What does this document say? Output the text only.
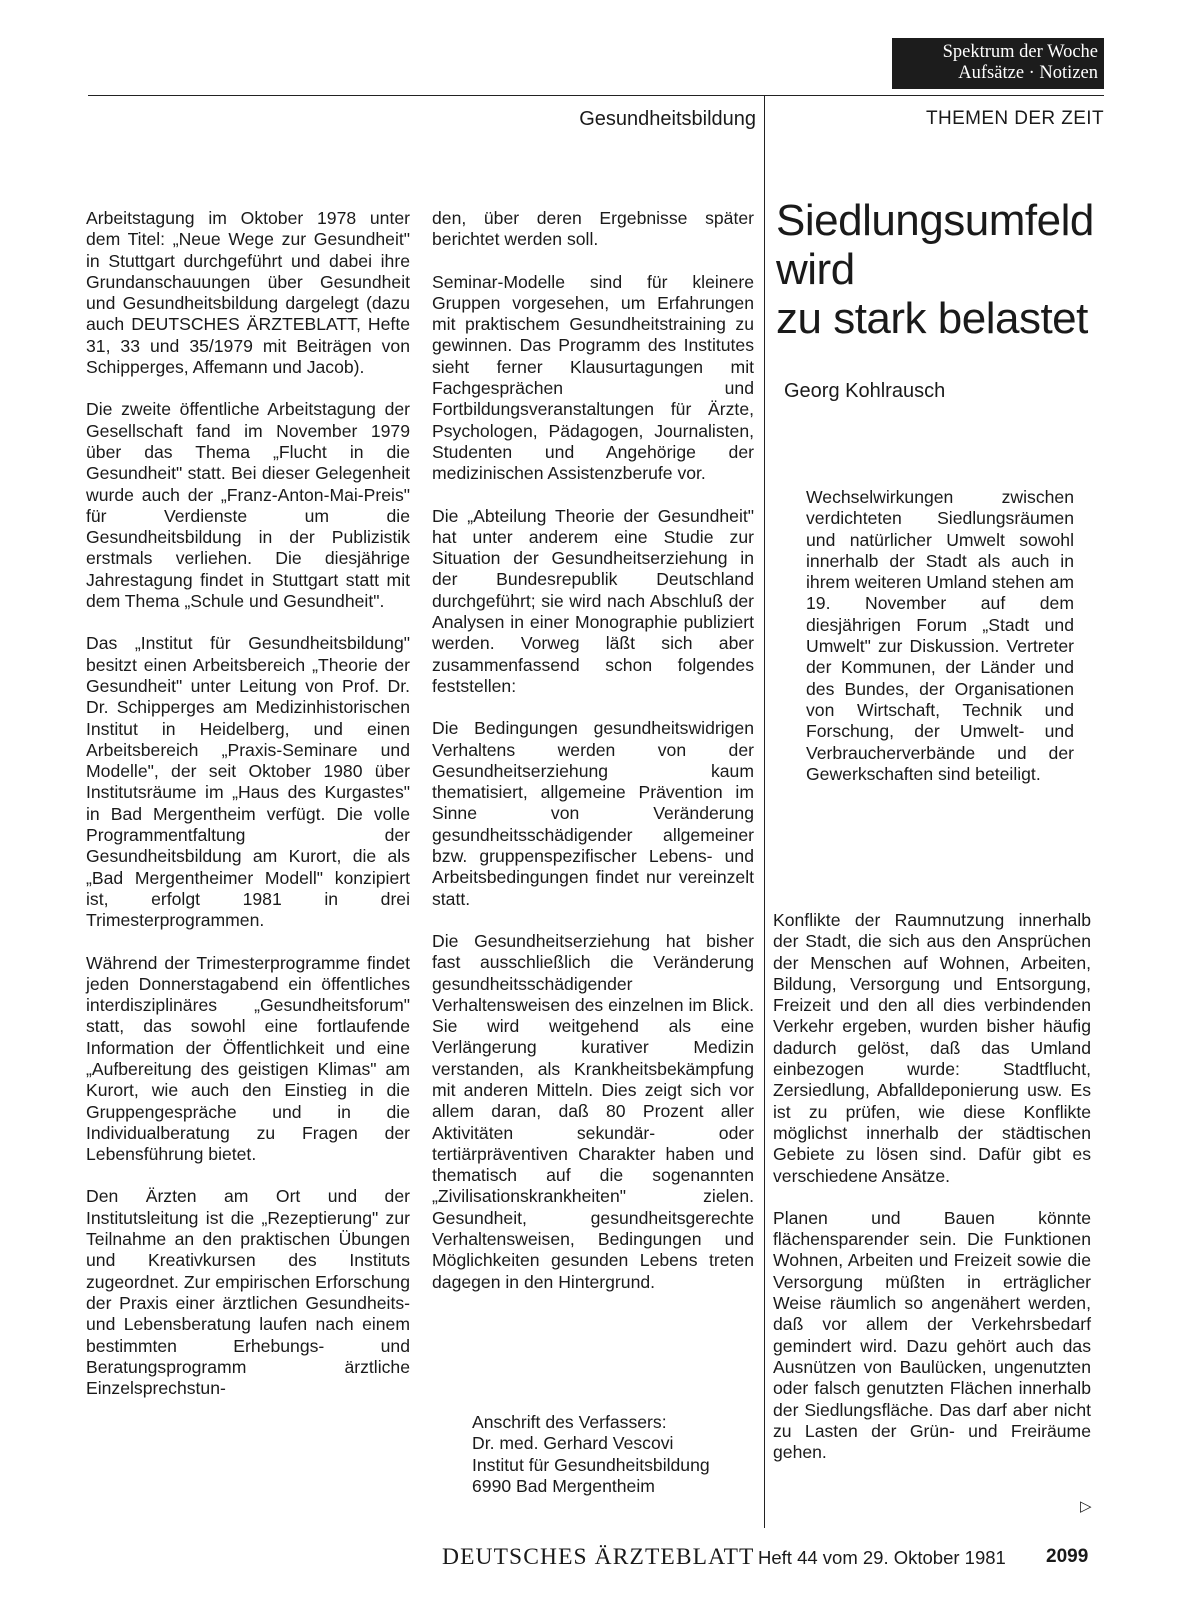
Spektrum der Woche
Aufsätze · Notizen
Gesundheitsbildung	THEMEN DER ZEIT

Arbeitstagung im Oktober 1978 unter dem Titel: „Neue Wege zur Gesundheit" in Stuttgart durchgeführt und dabei ihre Grundanschauungen über Gesundheit und Gesundheitsbildung dargelegt (dazu auch DEUTSCHES ÄRZTEBLATT, Hefte 31, 33 und 35/1979 mit Beiträgen von Schipperges, Affemann und Jacob).

Die zweite öffentliche Arbeitstagung der Gesellschaft fand im November 1979 über das Thema „Flucht in die Gesundheit" statt. Bei dieser Gelegenheit wurde auch der „Franz-Anton-Mai-Preis" für Verdienste um die Gesundheitsbildung in der Publizistik erstmals verliehen. Die diesjährige Jahrestagung findet in Stuttgart statt mit dem Thema „Schule und Gesundheit".

Das „Institut für Gesundheitsbildung" besitzt einen Arbeitsbereich „Theorie der Gesundheit" unter Leitung von Prof. Dr. Dr. Schipperges am Medizinhistorischen Institut in Heidelberg, und einen Arbeitsbereich „Praxis-Seminare und Modelle", der seit Oktober 1980 über Institutsräume im „Haus des Kurgastes" in Bad Mergentheim verfügt. Die volle Programmentfaltung der Gesundheitsbildung am Kurort, die als „Bad Mergentheimer Modell" konzipiert ist, erfolgt 1981 in drei Trimesterprogrammen.

Während der Trimesterprogramme findet jeden Donnerstagabend ein öffentliches interdisziplinäres „Gesundheitsforum" statt, das sowohl eine fortlaufende Information der Öffentlichkeit und eine „Aufbereitung des geistigen Klimas" am Kurort, wie auch den Einstieg in die Gruppengespräche und in die Individualberatung zu Fragen der Lebensführung bietet.

Den Ärzten am Ort und der Institutsleitung ist die „Rezeptierung" zur Teilnahme an den praktischen Übungen und Kreativkursen des Instituts zugeordnet. Zur empirischen Erforschung der Praxis einer ärztlichen Gesundheits- und Lebensberatung laufen nach einem bestimmten Erhebungs- und Beratungsprogramm ärztliche Einzelsprechstun-

den, über deren Ergebnisse später berichtet werden soll.

Seminar-Modelle sind für kleinere Gruppen vorgesehen, um Erfahrungen mit praktischem Gesundheitstraining zu gewinnen. Das Programm des Institutes sieht ferner Klausurtagungen mit Fachgesprächen und Fortbildungsveranstaltungen für Ärzte, Psychologen, Pädagogen, Journalisten, Studenten und Angehörige der medizinischen Assistenzberufe vor.

Die „Abteilung Theorie der Gesundheit" hat unter anderem eine Studie zur Situation der Gesundheitserziehung in der Bundesrepublik Deutschland durchgeführt; sie wird nach Abschluß der Analysen in einer Monographie publiziert werden. Vorweg läßt sich aber zusammenfassend schon folgendes feststellen:

Die Bedingungen gesundheitswidrigen Verhaltens werden von der Gesundheitserziehung kaum thematisiert, allgemeine Prävention im Sinne von Veränderung gesundheitsschädigender allgemeiner bzw. gruppenspezifischer Lebens- und Arbeitsbedingungen findet nur vereinzelt statt.

Die Gesundheitserziehung hat bisher fast ausschließlich die Veränderung gesundheitsschädigender Verhaltensweisen des einzelnen im Blick. Sie wird weitgehend als eine Verlängerung kurativer Medizin verstanden, als Krankheitsbekämpfung mit anderen Mitteln. Dies zeigt sich vor allem daran, daß 80 Prozent aller Aktivitäten sekundär- oder tertiärpräventiven Charakter haben und thematisch auf die sogenannten „Zivilisationskrankheiten" zielen. Gesundheit, gesundheitsgerechte Verhaltensweisen, Bedingungen und Möglichkeiten gesunden Lebens treten dagegen in den Hintergrund.

Anschrift des Verfassers:
Dr. med. Gerhard Vescovi
Institut für Gesundheitsbildung
6990 Bad Mergentheim
Siedlungsumfeld
wird
zu stark belastet
Georg Kohlrausch
Wechselwirkungen zwischen verdichteten Siedlungsräumen und natürlicher Umwelt sowohl innerhalb der Stadt als auch in ihrem weiteren Umland stehen am 19. November auf dem diesjährigen Forum „Stadt und Umwelt" zur Diskussion. Vertreter der Kommunen, der Länder und des Bundes, der Organisationen von Wirtschaft, Technik und Forschung, der Umwelt- und Verbraucherverbände und der Gewerkschaften sind beteiligt.

Konflikte der Raumnutzung innerhalb der Stadt, die sich aus den Ansprüchen der Menschen auf Wohnen, Arbeiten, Bildung, Versorgung und Entsorgung, Freizeit und den all dies verbindenden Verkehr ergeben, wurden bisher häufig dadurch gelöst, daß das Umland einbezogen wurde: Stadtflucht, Zersiedlung, Abfalldeponierung usw. Es ist zu prüfen, wie diese Konflikte möglichst innerhalb der städtischen Gebiete zu lösen sind. Dafür gibt es verschiedene Ansätze.

Planen und Bauen könnte flächensparender sein. Die Funktionen Wohnen, Arbeiten und Freizeit sowie die Versorgung müßten in erträglicher Weise räumlich so angenähert werden, daß vor allem der Verkehrsbedarf gemindert wird. Dazu gehört auch das Ausnützen von Baulücken, ungenutzten oder falsch genutzten Flächen innerhalb der Siedlungsfläche. Das darf aber nicht zu Lasten der Grün- und Freiräume gehen.

▷
DEUTSCHES ÄRZTEBLATT Heft 44 vom 29. Oktober 1981 2099
